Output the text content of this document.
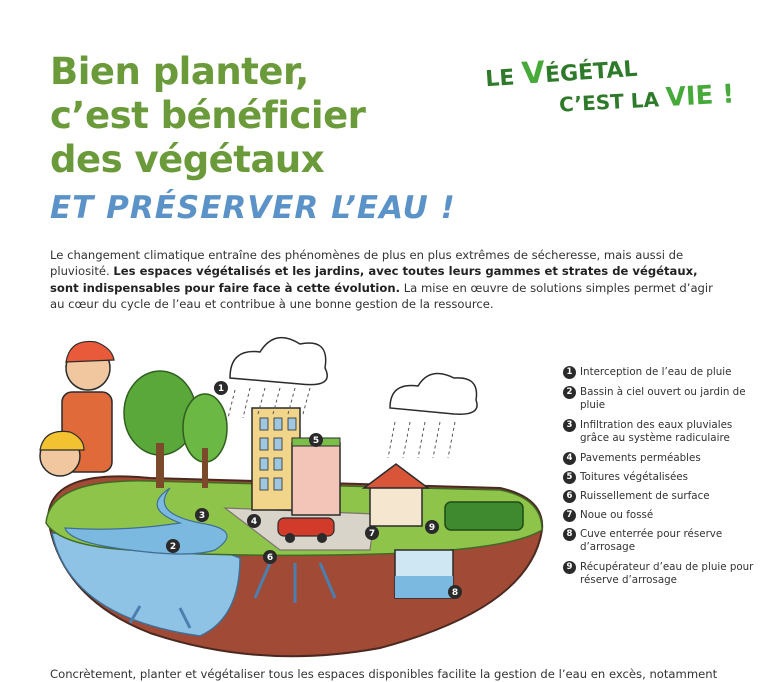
Bien planter,
c’est bénéficier
des végétaux
ET PRÉSERVER L’EAU !
LE VÉGÉTAL
C’EST LA VIE !

Le changement climatique entraîne des phénomènes de plus en plus extrêmes de sécheresse, mais aussi de pluviosité. Les espaces végétalisés et les jardins, avec toutes leurs gammes et strates de végétaux, sont indispensables pour faire face à cette évolution. La mise en œuvre de solutions simples permet d’agir au cœur du cycle de l’eau et contribue à une bonne gestion de la ressource.

1
2
3
4
5
6
7
8
9
1 Interception de l’eau de pluie
2 Bassin à ciel ouvert ou jardin de pluie
3 Infiltration des eaux pluviales grâce au système radiculaire
4 Pavements perméables
5 Toitures végétalisées
6 Ruissellement de surface
7 Noue ou fossé
8 Cuve enterrée pour réserve d’arrosage
9 Récupérateur d’eau de pluie pour réserve d’arrosage
Concrètement, planter et végétaliser tous les espaces disponibles facilite la gestion de l’eau en excès, notamment
